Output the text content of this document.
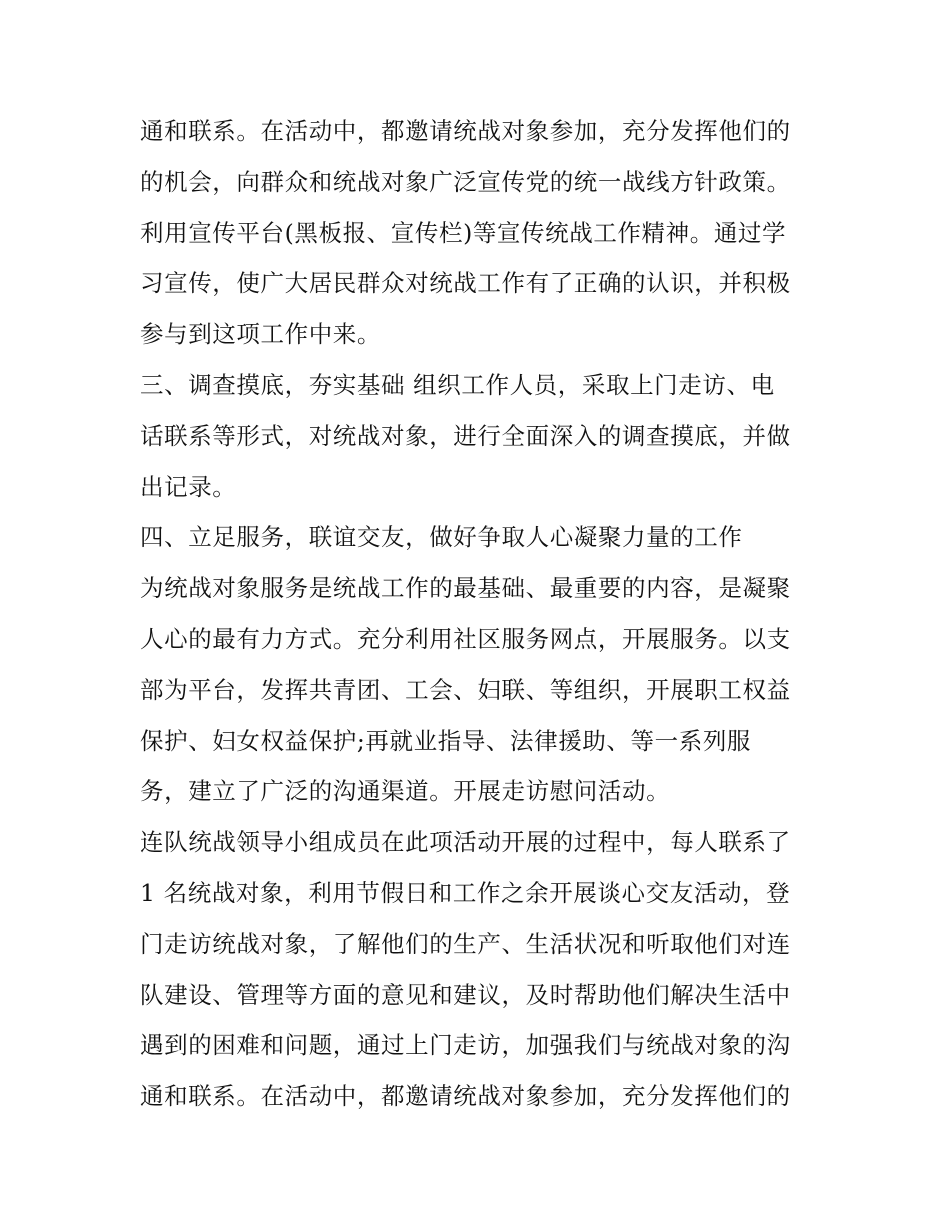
通和联系。在活动中，都邀请统战对象参加，充分发挥他们的
的机会，向群众和统战对象广泛宣传党的统一战线方针政策。
利用宣传平台(黑板报、宣传栏)等宣传统战工作精神。通过学
习宣传，使广大居民群众对统战工作有了正确的认识，并积极
参与到这项工作中来。
三、调查摸底，夯实基础 组织工作人员，采取上门走访、电
话联系等形式，对统战对象，进行全面深入的调查摸底，并做
出记录。
四、立足服务，联谊交友，做好争取人心凝聚力量的工作
为统战对象服务是统战工作的最基础、最重要的内容，是凝聚
人心的最有力方式。充分利用社区服务网点，开展服务。以支
部为平台，发挥共青团、工会、妇联、等组织，开展职工权益
保护、妇女权益保护;再就业指导、法律援助、等一系列服
务，建立了广泛的沟通渠道。开展走访慰问活动。
连队统战领导小组成员在此项活动开展的过程中，每人联系了
1 名统战对象，利用节假日和工作之余开展谈心交友活动，登
门走访统战对象，了解他们的生产、生活状况和听取他们对连
队建设、管理等方面的意见和建议，及时帮助他们解决生活中
遇到的困难和问题，通过上门走访，加强我们与统战对象的沟
通和联系。在活动中，都邀请统战对象参加，充分发挥他们的
